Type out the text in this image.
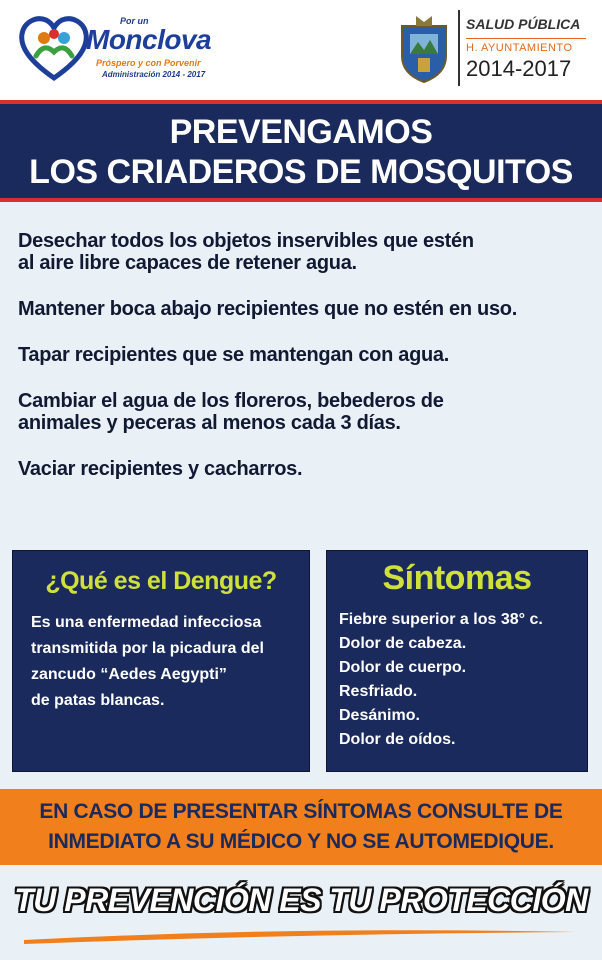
Por un
Monclova
Próspero y con Porvenir
Administración 2014 - 2017
SALUD PÚBLICA
H. AYUNTAMIENTO
2014-2017
PREVENGAMOS
LOS CRIADEROS DE MOSQUITOS
Desechar todos los objetos inservibles que estén
al aire libre capaces de retener agua.
Mantener boca abajo recipientes que no estén en uso.
Tapar recipientes que se mantengan con agua.
Cambiar el agua de los floreros, bebederos de
animales y peceras al menos cada 3 días.
Vaciar recipientes y cacharros.
¿Qué es el Dengue?
Es una enfermedad infecciosa
transmitida por la picadura del
zancudo “Aedes Aegypti”
de patas blancas.
Síntomas
Fiebre superior a los 38° c.
Dolor de cabeza.
Dolor de cuerpo.
Resfriado.
Desánimo.
Dolor de oídos.
EN CASO DE PRESENTAR SÍNTOMAS CONSULTE DE
INMEDIATO A SU MÉDICO Y NO SE AUTOMEDIQUE.
TU PREVENCIÓN ES TU PROTECCIÓN
